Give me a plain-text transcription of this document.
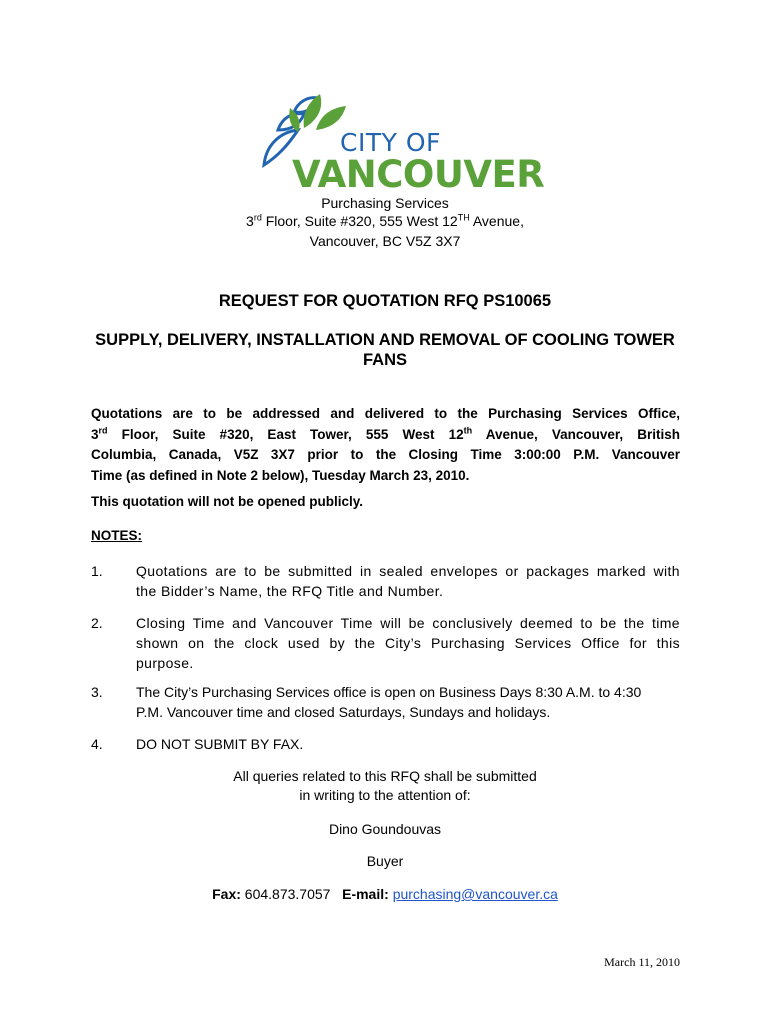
CITY OF
VANCOUVER
Purchasing Services
3rd Floor, Suite #320, 555 West 12TH Avenue,
Vancouver, BC V5Z 3X7
REQUEST FOR QUOTATION RFQ PS10065
SUPPLY, DELIVERY, INSTALLATION AND REMOVAL OF COOLING TOWER
FANS
Quotations are to be addressed and delivered to the Purchasing Services Office,
3rd Floor, Suite #320, East Tower, 555 West 12th Avenue, Vancouver, British
Columbia, Canada, V5Z 3X7 prior to the Closing Time 3:00:00 P.M. Vancouver
Time (as defined in Note 2 below), Tuesday March 23, 2010.
This quotation will not be opened publicly.
NOTES:
1. Quotations are to be submitted in sealed envelopes or packages marked with
the Bidder’s Name, the RFQ Title and Number.
2. Closing Time and Vancouver Time will be conclusively deemed to be the time
shown on the clock used by the City’s Purchasing Services Office for this
purpose.
3. The City’s Purchasing Services office is open on Business Days 8:30 A.M. to 4:30
P.M. Vancouver time and closed Saturdays, Sundays and holidays.
4. DO NOT SUBMIT BY FAX.
All queries related to this RFQ shall be submitted
in writing to the attention of:
Dino Goundouvas
Buyer
Fax: 604.873.7057 E-mail: purchasing@vancouver.ca
March 11, 2010
